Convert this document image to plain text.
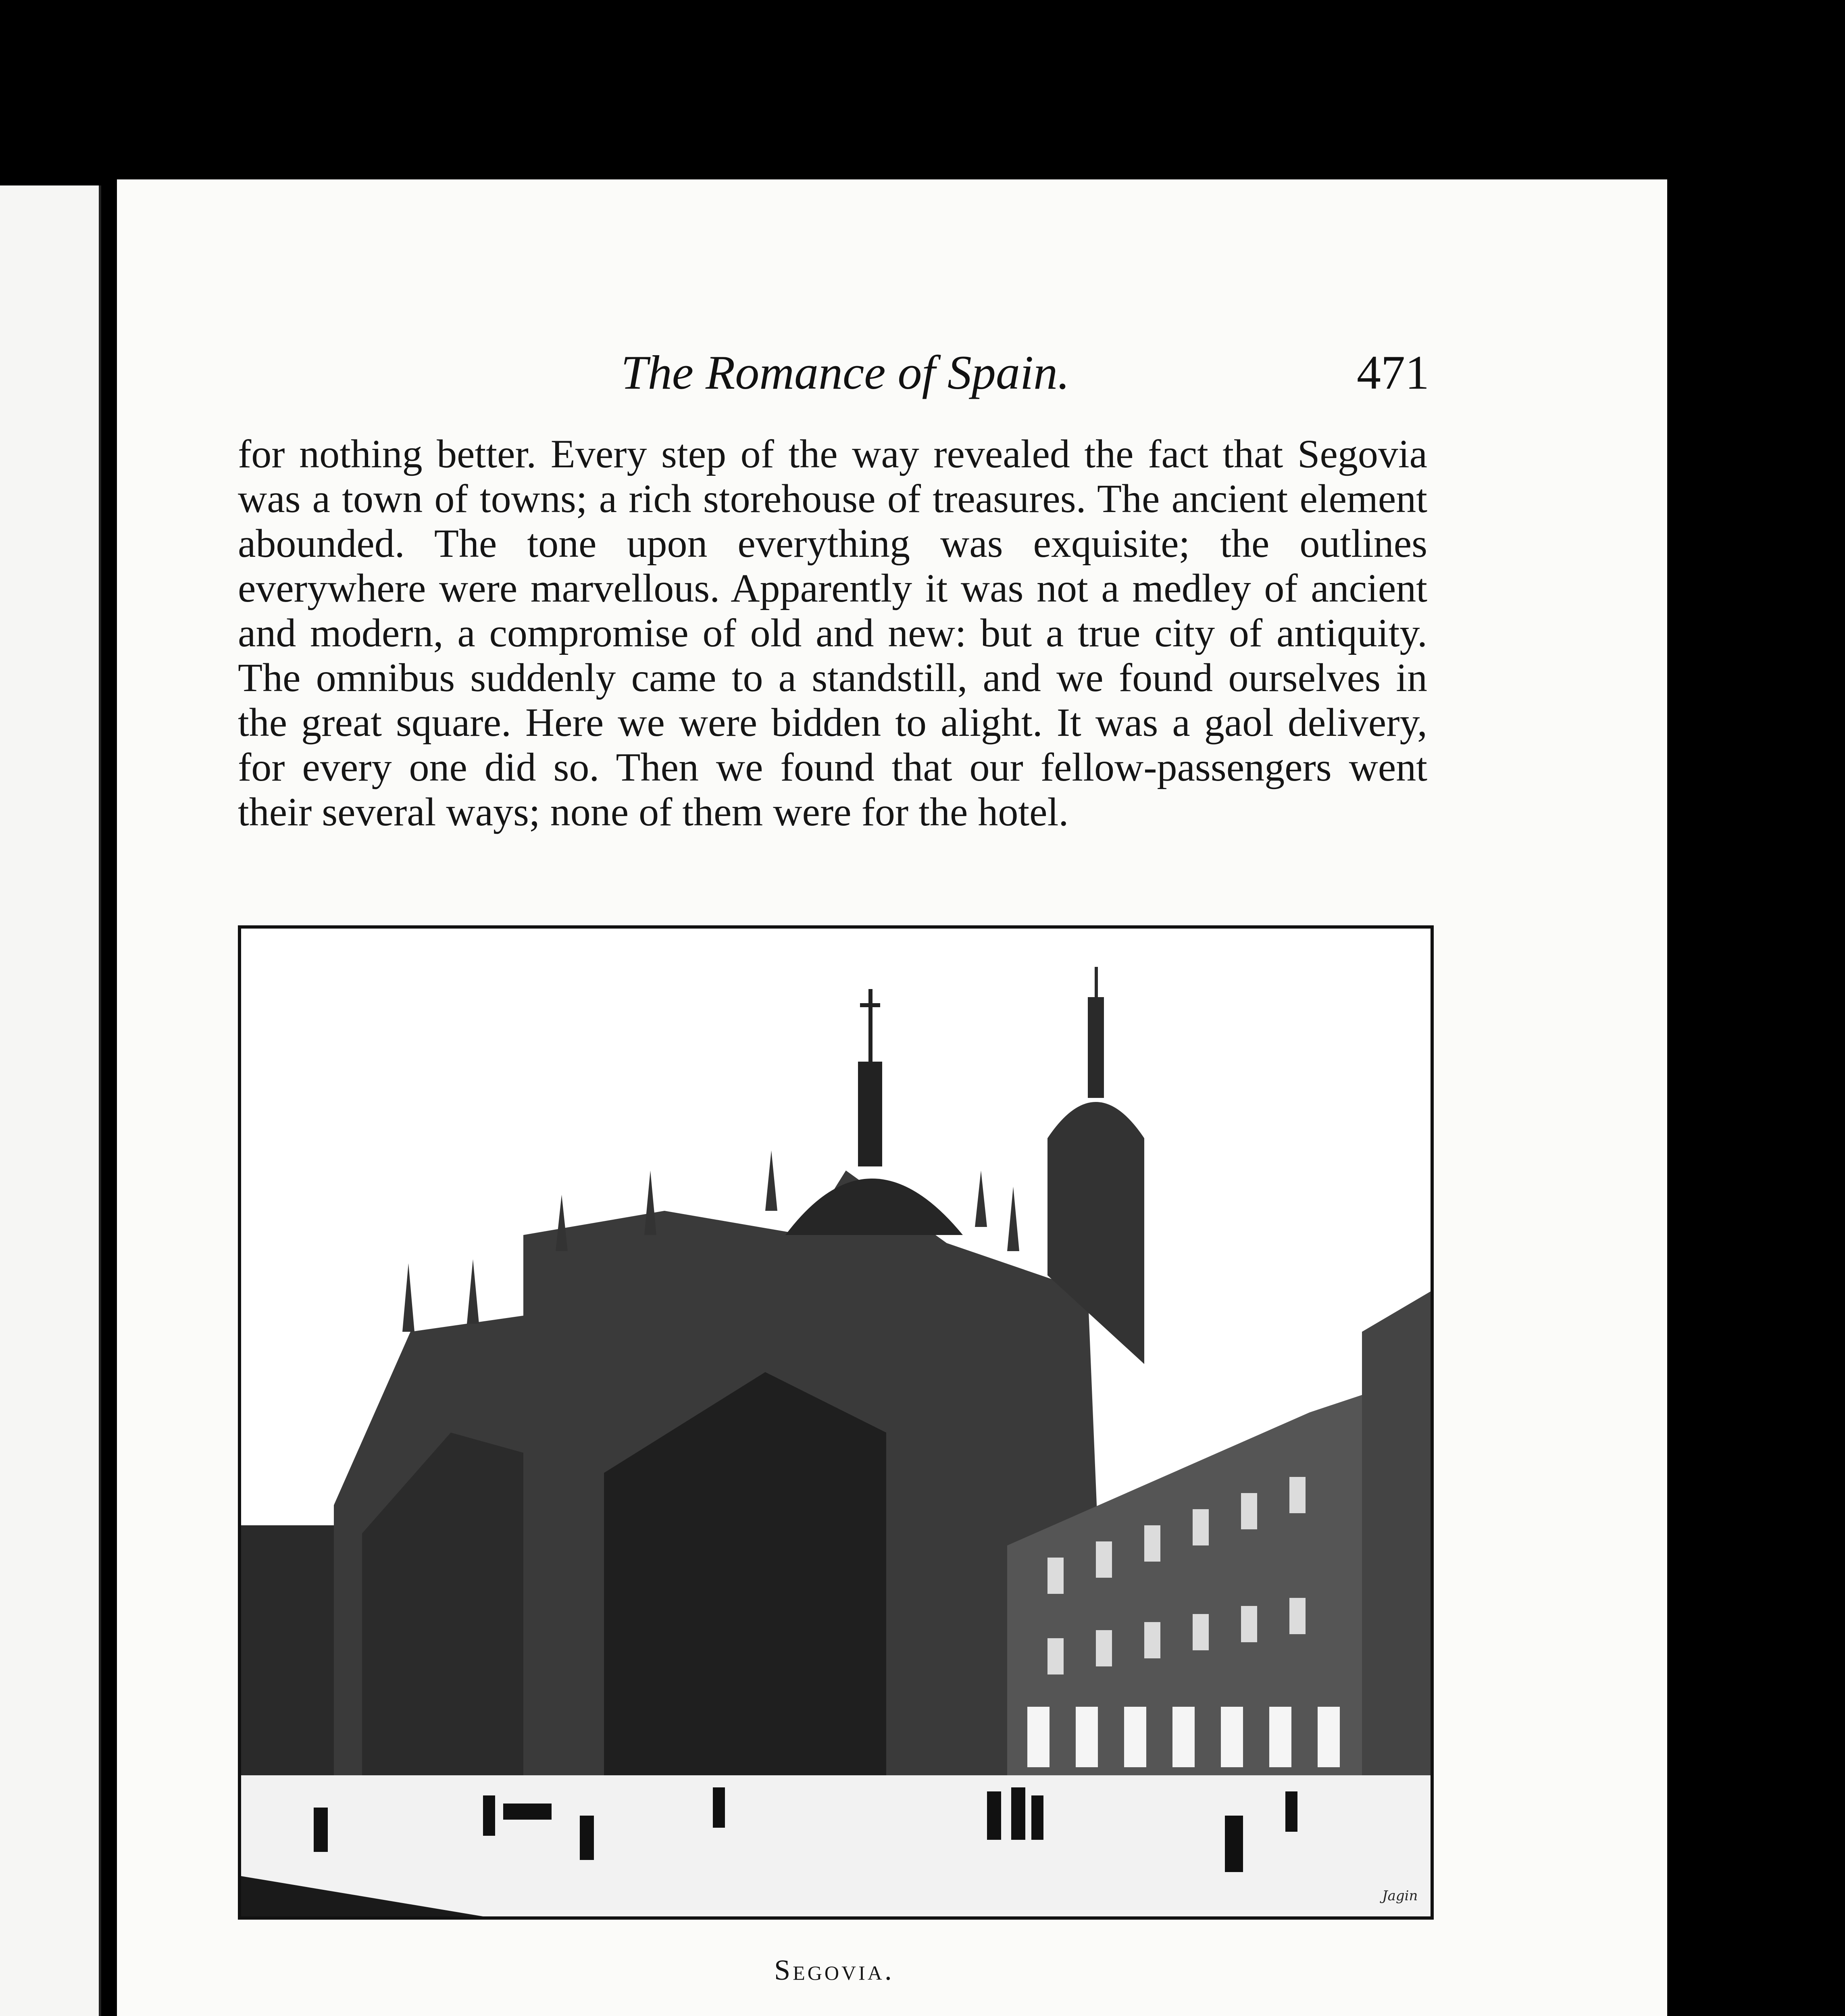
The Romance of Spain.	471

for nothing better. Every step of the way revealed the fact that Segovia was a town of towns; a rich storehouse of treasures. The ancient element abounded. The tone upon everything was exquisite; the outlines everywhere were marvellous. Apparently it was not a medley of ancient and modern, a compromise of old and new: but a true city of antiquity. The omnibus suddenly came to a standstill, and we found ourselves in the great square. Here we were bidden to alight. It was a gaol delivery, for every one did so. Then we found that our fellow-passengers went their several ways; none of them were for the hotel.

Jagin
Segovia.
